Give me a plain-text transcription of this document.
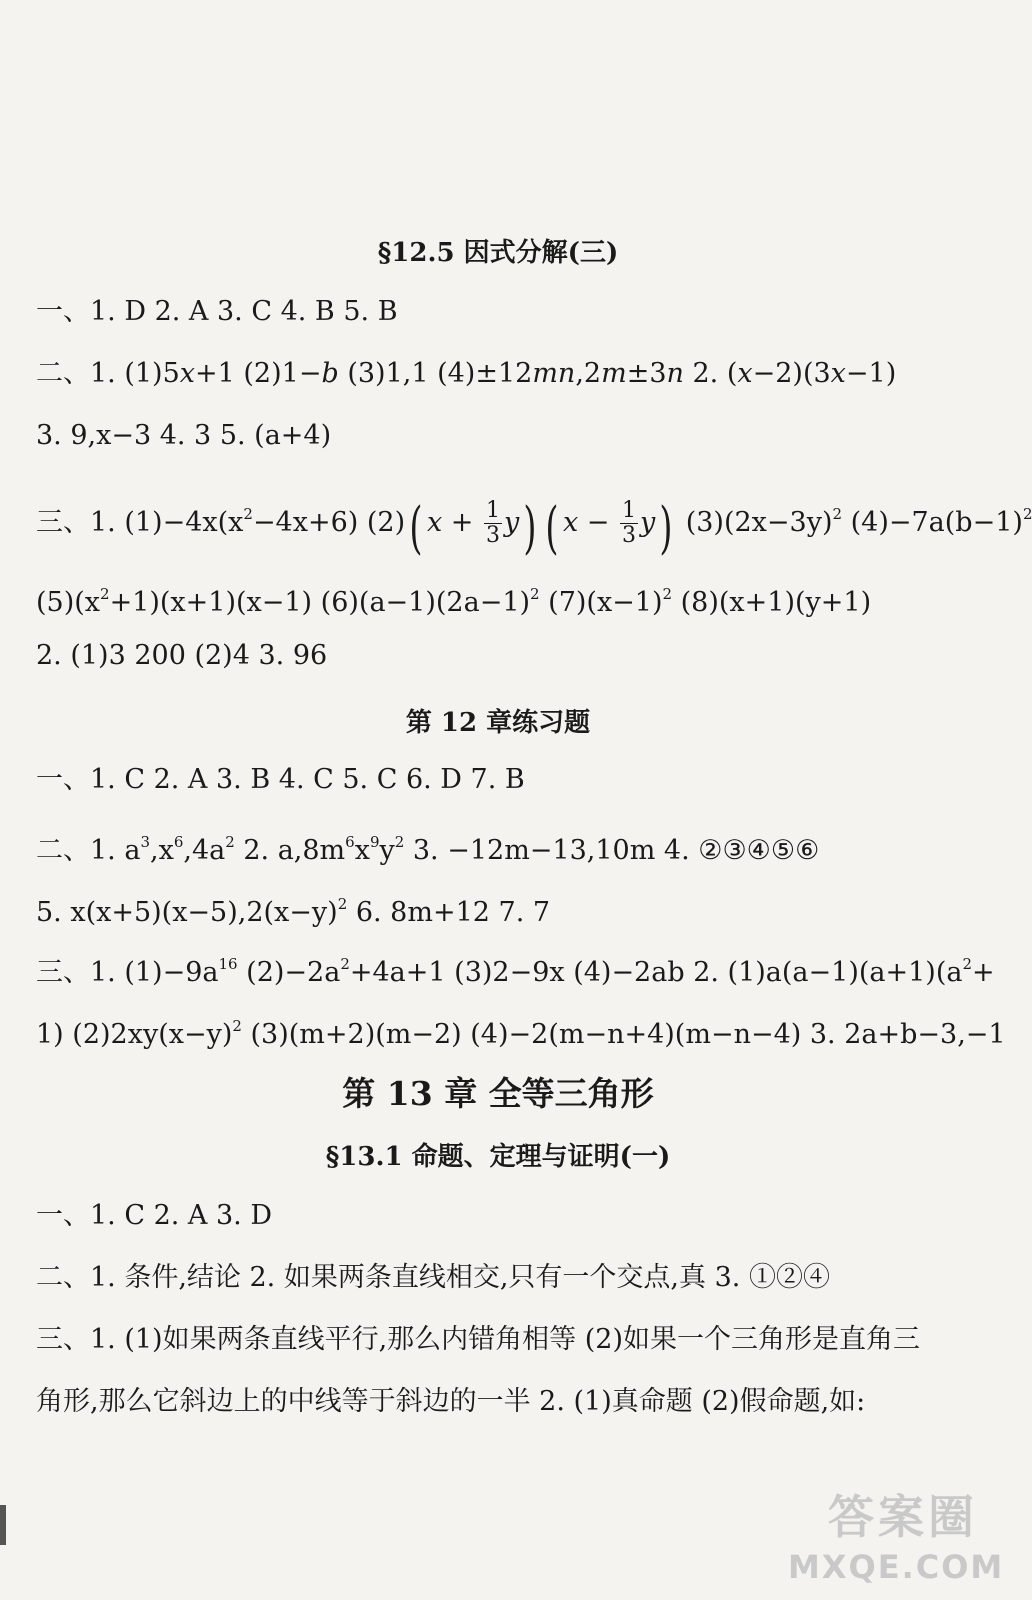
§12.5 因式分解(三)
一、1. D 2. A 3. C 4. B 5. B
二、1. (1)5x+1 (2)1−b (3)1,1 (4)±12mn,2m±3n 2. (x−2)(3x−1)
3. 9,x−3 4. 3 5. (a+4)
三、1. $(1)-4x(x^2-4x+6)$ (2)( $x + \frac{1}{3} y$) ( $x - \frac{1}{3} y$) $(3)(2x-3y)^2$ $(4)-7a(b-1)^2$
$(5)(x^2+1)(x+1)(x-1)$ $(6)(a-1)(2a-1)^2$ $(7)(x-1)^2$ (8)(x+1)(y+1)
2. (1)3 200 (2)4 3. 96
第 12 章练习题
一、1. C 2. A 3. B 4. C 5. C 6. D 7. B
二、1. $a^3,x^6,4a^2$ 2. $a,8m^6x^9y^2$ 3. −12m−13,10m 4. ②③④⑤⑥
5. $x(x+5)(x-5),2(x-y)^2$ 6. 8m+12 7. 7
三、1. $(1)-9a^{16}$ $(2)-2a^2+4a+1$ (3)2−9x (4)−2ab 2. $(1)a(a-1)(a+1)(a^2+$
1) $(2)2xy(x-y)^2$ (3)(m+2)(m−2) (4)−2(m−n+4)(m−n−4) 3. 2a+b−3,−1
第 13 章 全等三角形
§13.1 命题、定理与证明(一)
一、1. C 2. A 3. D
二、1. 条件,结论 2. 如果两条直线相交,只有一个交点,真 3. ①②④
三、1. (1)如果两条直线平行,那么内错角相等 (2)如果一个三角形是直角三
角形,那么它斜边上的中线等于斜边的一半 2. (1)真命题 (2)假命题,如:
答案圈
MXQE.COM
